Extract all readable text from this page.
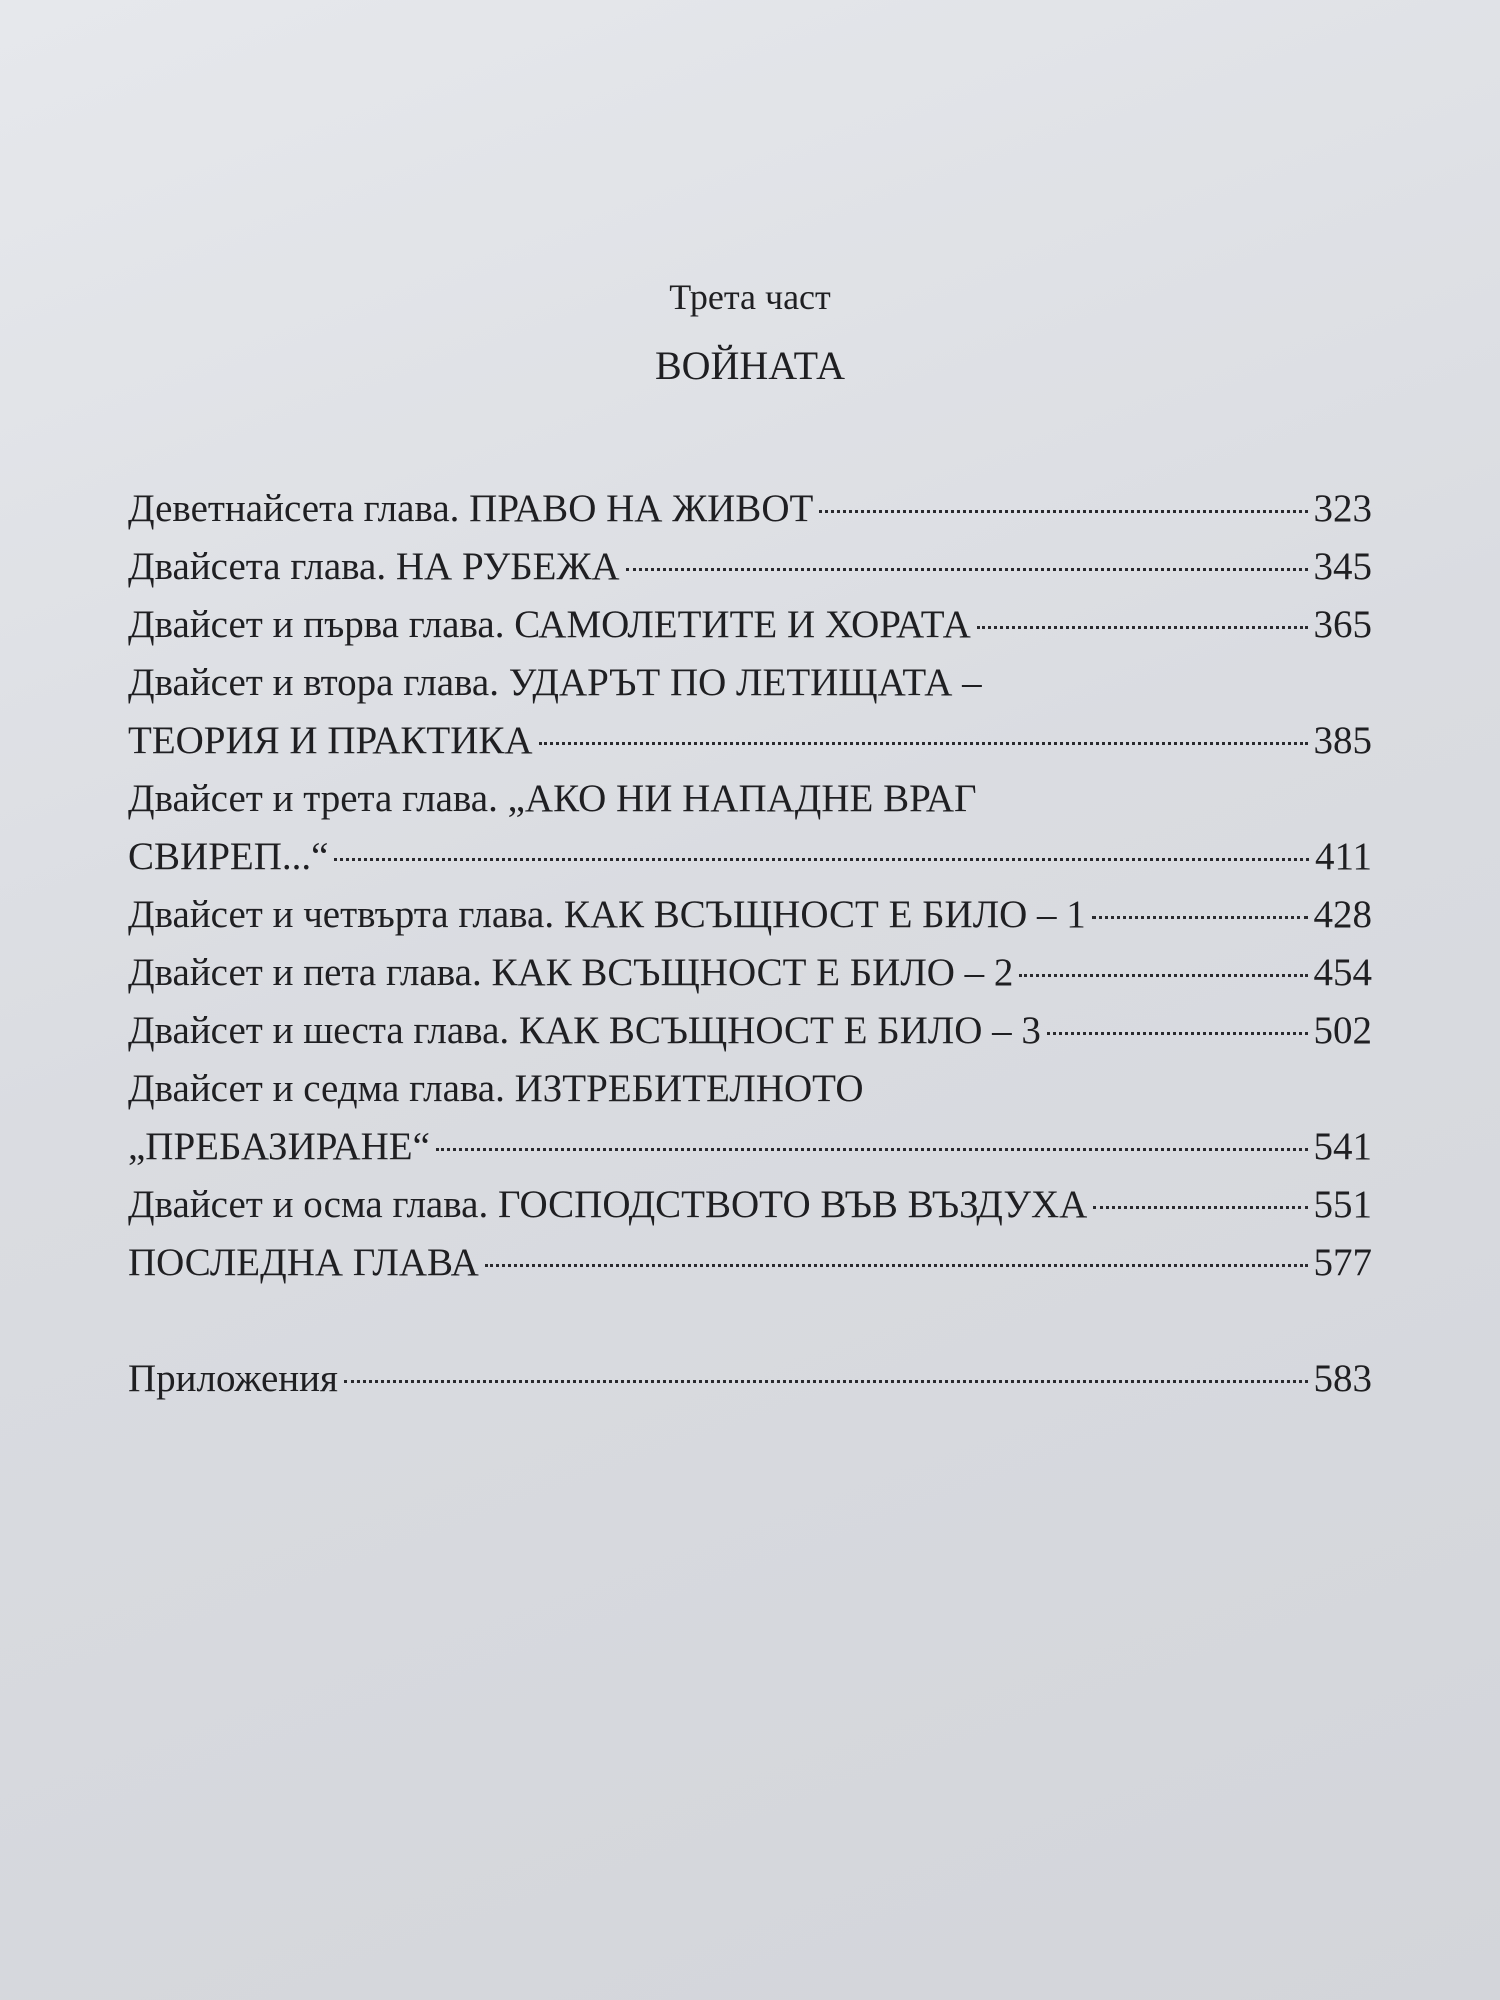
Трета част
ВОЙНАТА
Деветнайсета глава.
ПРАВО НА ЖИВОТ	323
Двайсета глава.
НА РУБЕЖА	345
Двайсет и първа глава.
САМОЛЕТИТЕ И ХОРАТА	365
Двайсет и втора глава.
УДАРЪТ ПО ЛЕТИЩАТА –
ТЕОРИЯ И ПРАКТИКА	385
Двайсет и трета глава.
„АКО НИ НАПАДНЕ ВРАГ
СВИРЕП...“	411
Двайсет и четвърта глава.
КАК ВСЪЩНОСТ Е БИЛО – 1	428
Двайсет и пета глава.
КАК ВСЪЩНОСТ Е БИЛО – 2	454
Двайсет и шеста глава.
КАК ВСЪЩНОСТ Е БИЛО – 3	502
Двайсет и седма глава.
ИЗТРЕБИТЕЛНОТО
„ПРЕБАЗИРАНЕ“	541
Двайсет и осма глава.
ГОСПОДСТВОТО ВЪВ ВЪЗДУХА	551
ПОСЛЕДНА ГЛАВА	577
Приложения	583
